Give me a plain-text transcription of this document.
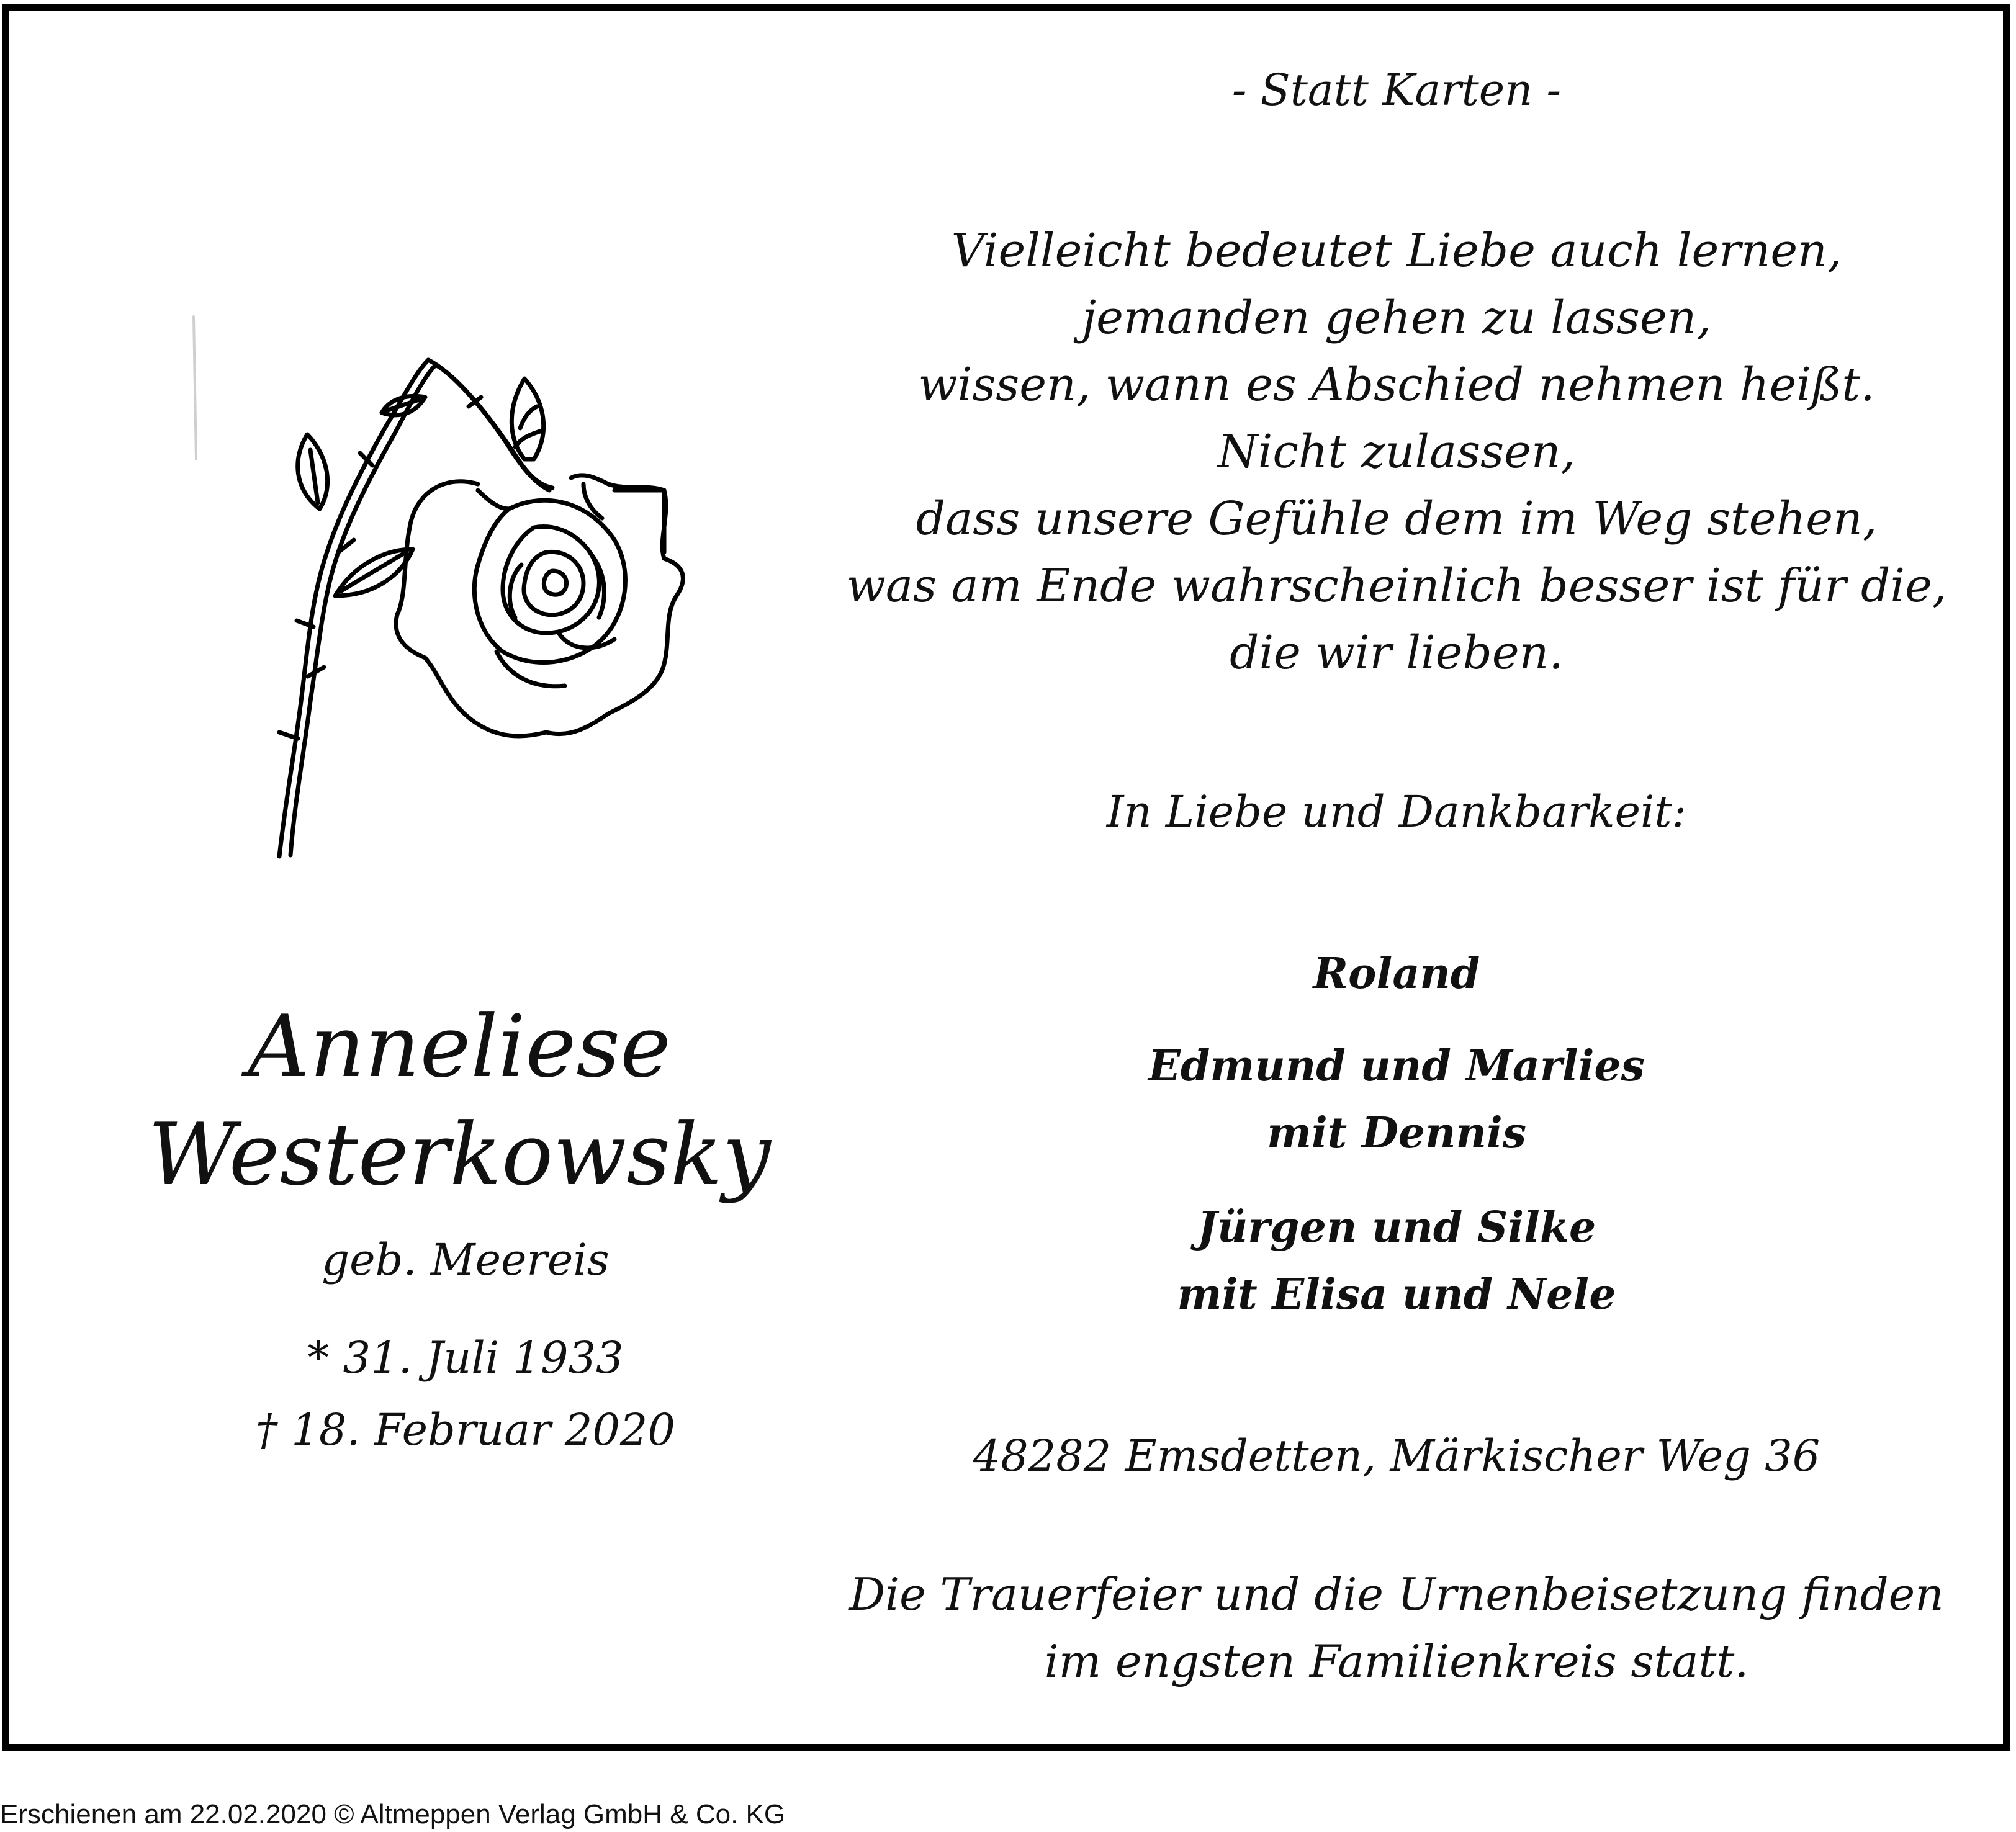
- Statt Karten -
Vielleicht bedeutet Liebe auch lernen,
jemanden gehen zu lassen,
wissen, wann es Abschied nehmen heißt.
Nicht zulassen,
dass unsere Gefühle dem im Weg stehen,
was am Ende wahrscheinlich besser ist für die,
die wir lieben.
In Liebe und Dankbarkeit:
Roland
Edmund und Marlies
mit Dennis
Jürgen und Silke
mit Elisa und Nele
48282 Emsdetten, Märkischer Weg 36
Die Trauerfeier und die Urnenbeisetzung finden
im engsten Familienkreis statt.
Anneliese
Westerkowsky
geb. Meereis
* 31. Juli 1933
† 18. Februar 2020
Erschienen am 22.02.2020 © Altmeppen Verlag GmbH & Co. KG
